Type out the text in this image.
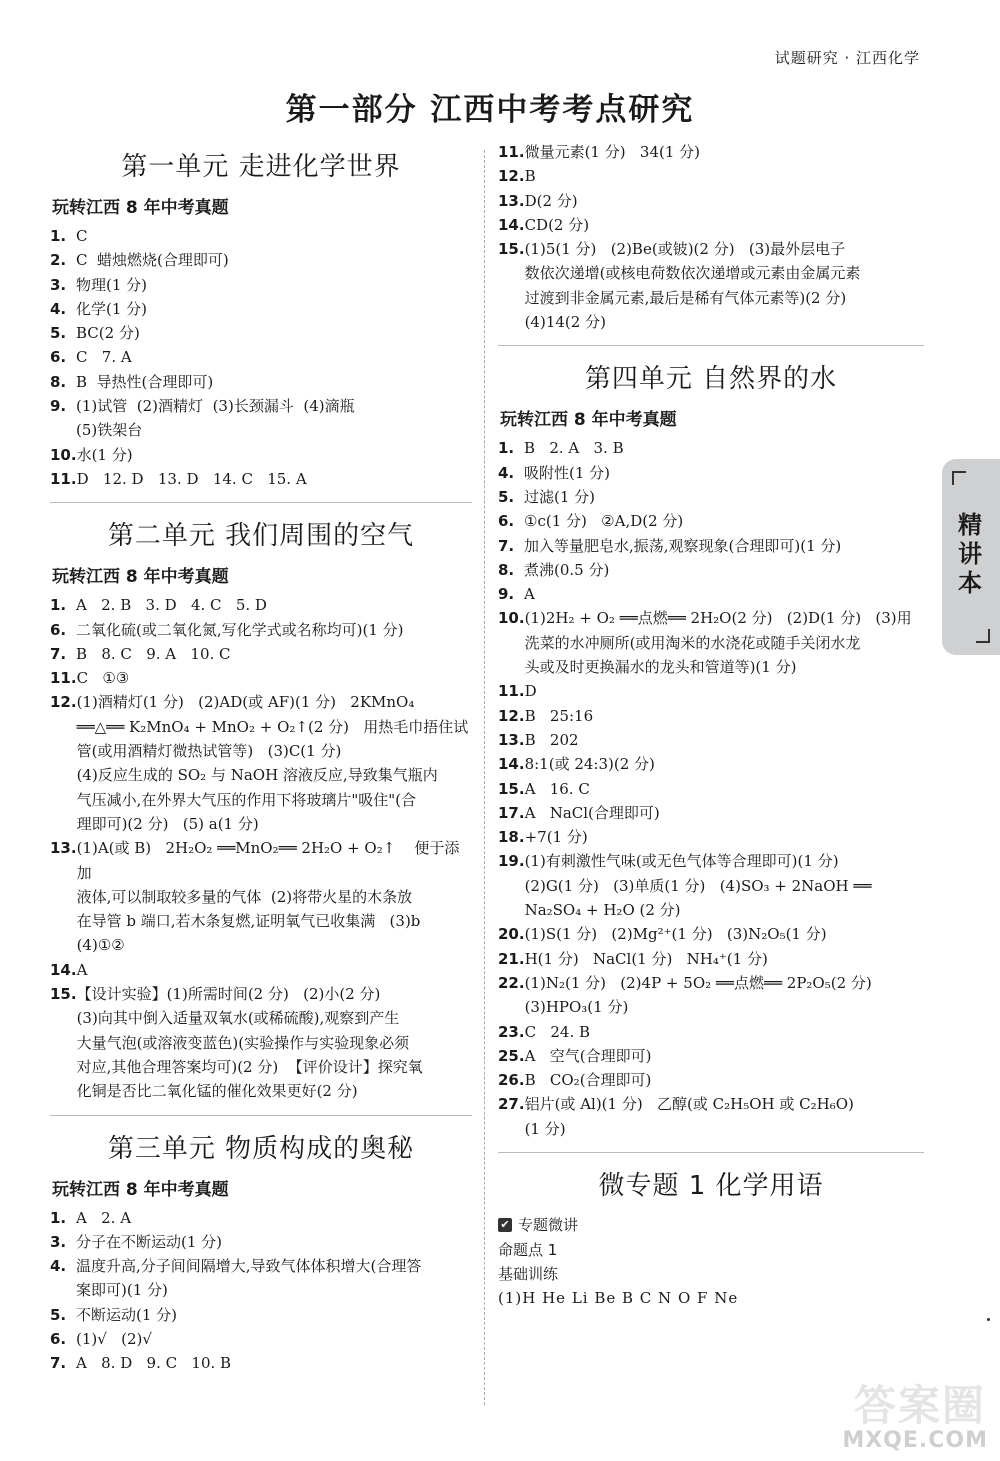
试题研究 · 江西化学
第一部分 江西中考考点研究
第一单元 走进化学世界
玩转江西 8 年中考真题
1. C
2. C  蜡烛燃烧(合理即可)
3. 物理(1 分)
4. 化学(1 分)
5. BC(2 分)
6. C   7. A
8. B  导热性(合理即可)
9. (1)试管  (2)酒精灯  (3)长颈漏斗  (4)滴瓶
(5)铁架台
10. 水(1 分)
11. D   12. D   13. D   14. C   15. A
第二单元 我们周围的空气
玩转江西 8 年中考真题
1. A   2. B   3. D   4. C   5. D
6. 二氧化硫(或二氧化氮,写化学式或名称均可)(1 分)
7. B   8. C   9. A   10. C
11. C   ①③
12. (1)酒精灯(1 分)   (2)AD(或 AF)(1 分)   2KMnO₄
══△══ K₂MnO₄ + MnO₂ + O₂↑(2 分)   用热毛巾捂住试
管(或用酒精灯微热试管等)   (3)C(1 分)
(4)反应生成的 SO₂ 与 NaOH 溶液反应,导致集气瓶内
气压减小,在外界大气压的作用下将玻璃片"吸住"(合
理即可)(2 分)   (5) a(1 分)
13. (1)A(或 B)   2H₂O₂ ══MnO₂══ 2H₂O + O₂↑    便于添加
液体,可以制取较多量的气体  (2)将带火星的木条放
在导管 b 端口,若木条复燃,证明氧气已收集满   (3)b
(4)①②
14. A
15. 【设计实验】(1)所需时间(2 分)   (2)小(2 分)
(3)向其中倒入适量双氧水(或稀硫酸),观察到产生
大量气泡(或溶液变蓝色)(实验操作与实验现象必须
对应,其他合理答案均可)(2 分)  【评价设计】探究氧
化铜是否比二氧化锰的催化效果更好(2 分)
第三单元 物质构成的奥秘
玩转江西 8 年中考真题
1. A   2. A
3. 分子在不断运动(1 分)
4. 温度升高,分子间间隔增大,导致气体体积增大(合理答
案即可)(1 分)
5. 不断运动(1 分)
6. (1)√   (2)√
7. A   8. D   9. C   10. B
11. 微量元素(1 分)   34(1 分)
12. B
13. D(2 分)
14. CD(2 分)
15. (1)5(1 分)   (2)Be(或铍)(2 分)   (3)最外层电子
数依次递增(或核电荷数依次递增或元素由金属元素
过渡到非金属元素,最后是稀有气体元素等)(2 分)
(4)14(2 分)
第四单元 自然界的水
玩转江西 8 年中考真题
1. B   2. A   3. B
4. 吸附性(1 分)
5. 过滤(1 分)
6. ①c(1 分)   ②A,D(2 分)
7. 加入等量肥皂水,振荡,观察现象(合理即可)(1 分)
8. 煮沸(0.5 分)
9. A
10. (1)2H₂ + O₂ ══点燃══ 2H₂O(2 分)   (2)D(1 分)   (3)用
洗菜的水冲厕所(或用淘米的水浇花或随手关闭水龙
头或及时更换漏水的龙头和管道等)(1 分)
11. D
12. B   25:16
13. B   202
14. 8:1(或 24:3)(2 分)
15. A   16. C
17. A   NaCl(合理即可)
18. +7(1 分)
19. (1)有刺激性气味(或无色气体等合理即可)(1 分)
(2)G(1 分)   (3)单质(1 分)   (4)SO₃ + 2NaOH ══
Na₂SO₄ + H₂O (2 分)
20. (1)S(1 分)   (2)Mg²⁺(1 分)   (3)N₂O₅(1 分)
21. H(1 分)   NaCl(1 分)   NH₄⁺(1 分)
22. (1)N₂(1 分)   (2)4P + 5O₂ ══点燃══ 2P₂O₅(2 分)
(3)HPO₃(1 分)
23. C   24. B
25. A   空气(合理即可)
26. B   CO₂(合理即可)
27. 铝片(或 Al)(1 分)   乙醇(或 C₂H₅OH 或 C₂H₆O)
(1 分)
微专题 1 化学用语
✔ 专题微讲
命题点 1
基础训练
(1)H He Li Be B C N O F Ne
精讲本
答案圈
MXQE.COM
